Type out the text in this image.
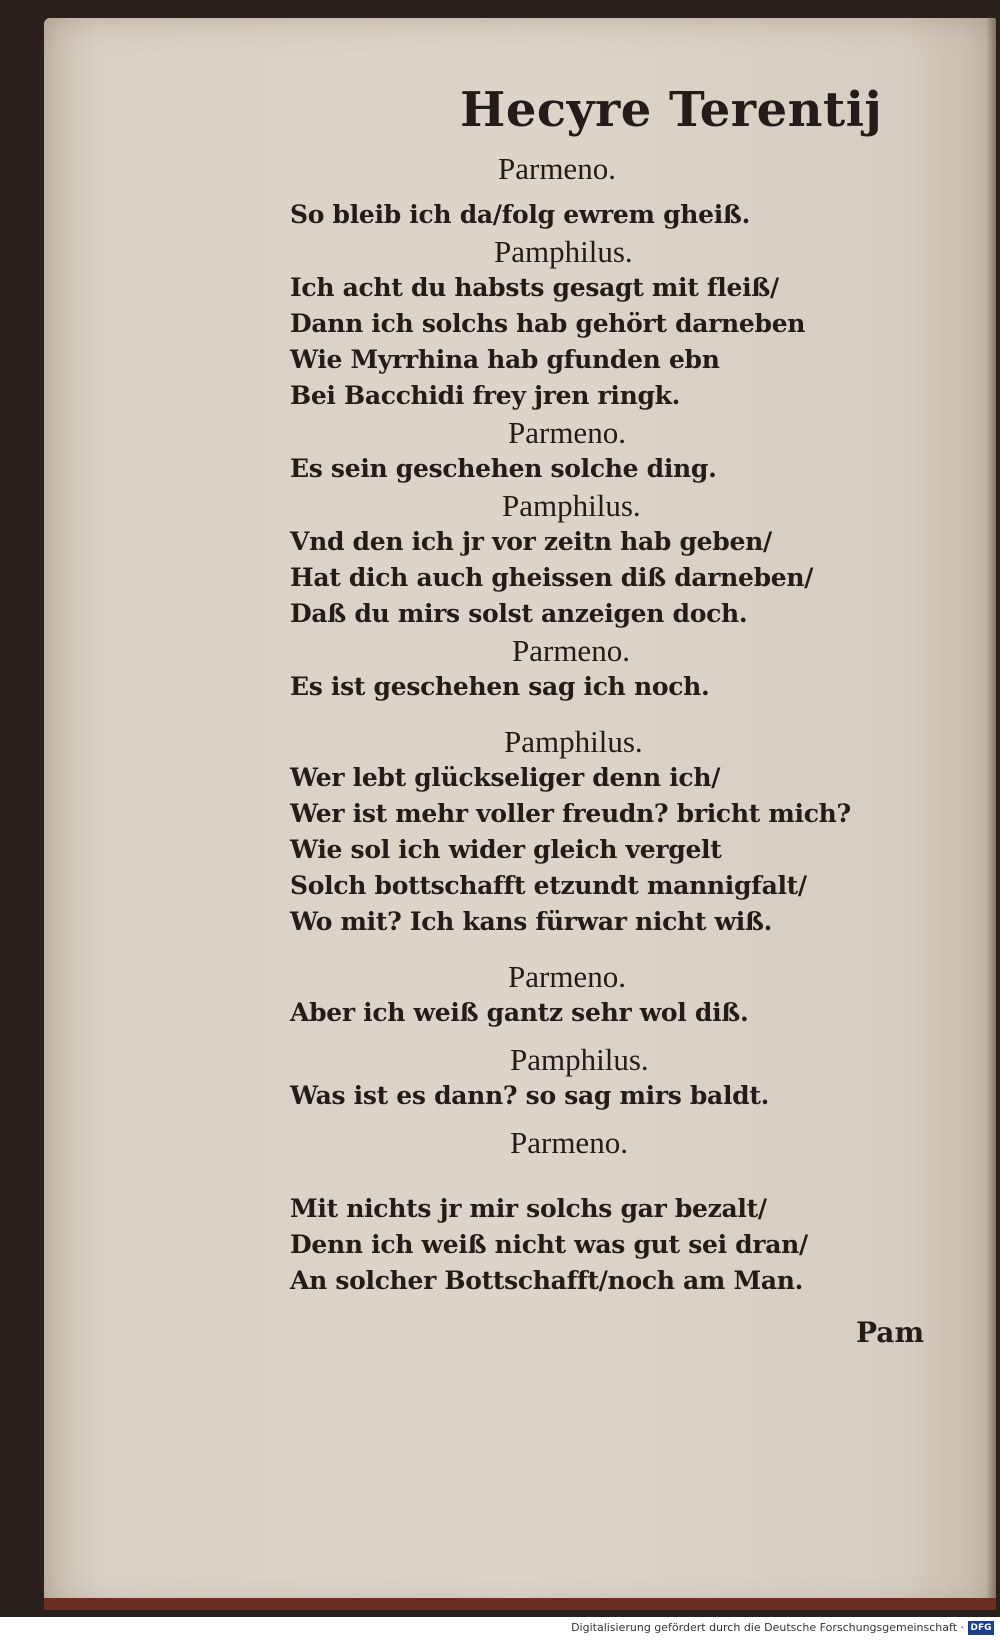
Hecyre Terentij
Parmeno.
So bleib ich da/folg ewrem gheiß.
Pamphilus.
Ich acht du habsts gesagt mit fleiß/
Dann ich solchs hab gehört darneben
Wie Myrrhina hab gfunden ebn
Bei Bacchidi frey jren ringk.
Parmeno.
Es sein geschehen solche ding.
Pamphilus.
Vnd den ich jr vor zeitn hab geben/
Hat dich auch gheissen diß darneben/
Daß du mirs solst anzeigen doch.
Parmeno.
Es ist geschehen sag ich noch.
Pamphilus.
Wer lebt glückseliger denn ich/
Wer ist mehr voller freudn? bricht mich?
Wie sol ich wider gleich vergelt
Solch bottschafft etzundt mannigfalt/
Wo mit? Ich kans fürwar nicht wiß.
Parmeno.
Aber ich weiß gantz sehr wol diß.
Pamphilus.
Was ist es dann? so sag mirs baldt.
Parmeno.
Mit nichts jr mir solchs gar bezalt/
Denn ich weiß nicht was gut sei dran/
An solcher Bottschafft/noch am Man.
Pam
Digitalisierung gefördert durch die Deutsche Forschungsgemeinschaft · DFG
